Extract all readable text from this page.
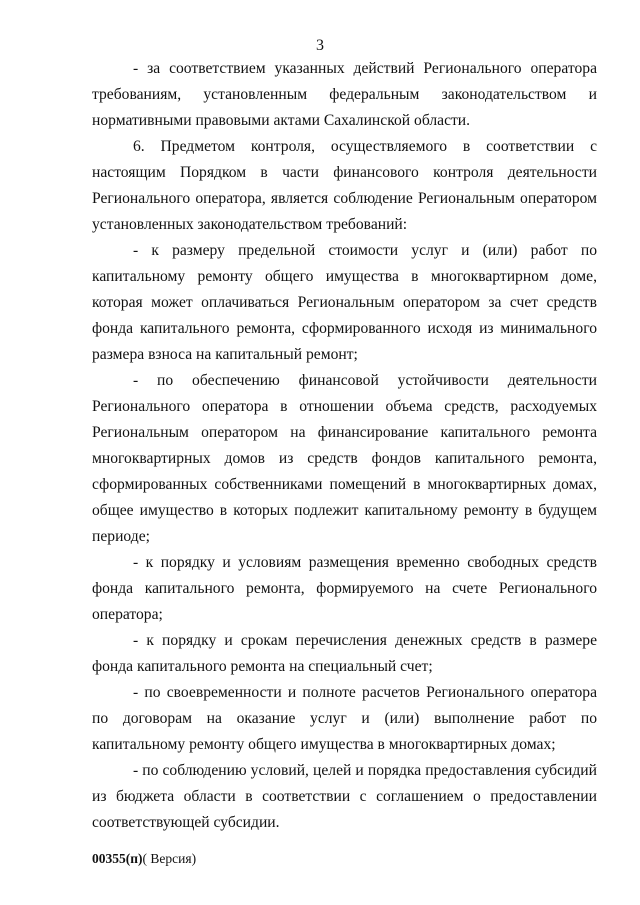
3

- за соответствием указанных действий Регионального оператора требованиям, установленным федеральным законодательством и нормативными правовыми актами Сахалинской области.

6. Предметом контроля, осуществляемого в соответствии с настоящим Порядком в части финансового контроля деятельности Регионального оператора, является соблюдение Региональным оператором установленных законодательством требований:

- к размеру предельной стоимости услуг и (или) работ по капитальному ремонту общего имущества в многоквартирном доме, которая может оплачиваться Региональным оператором за счет средств фонда капитального ремонта, сформированного исходя из минимального размера взноса на капитальный ремонт;

- по обеспечению финансовой устойчивости деятельности Регионального оператора в отношении объема средств, расходуемых Региональным оператором на финансирование капитального ремонта многоквартирных домов из средств фондов капитального ремонта, сформированных собственниками помещений в многоквартирных домах, общее имущество в которых подлежит капитальному ремонту в будущем периоде;

- к порядку и условиям размещения временно свободных средств фонда капитального ремонта, формируемого на счете Регионального оператора;

- к порядку и срокам перечисления денежных средств в размере фонда капитального ремонта на специальный счет;

- по своевременности и полноте расчетов Регионального оператора по договорам на оказание услуг и (или) выполнение работ по капитальному ремонту общего имущества в многоквартирных домах;

- по соблюдению условий, целей и порядка предоставления субсидий из бюджета области в соответствии с соглашением о предоставлении соответствующей субсидии.

00355(п)( Версия)
